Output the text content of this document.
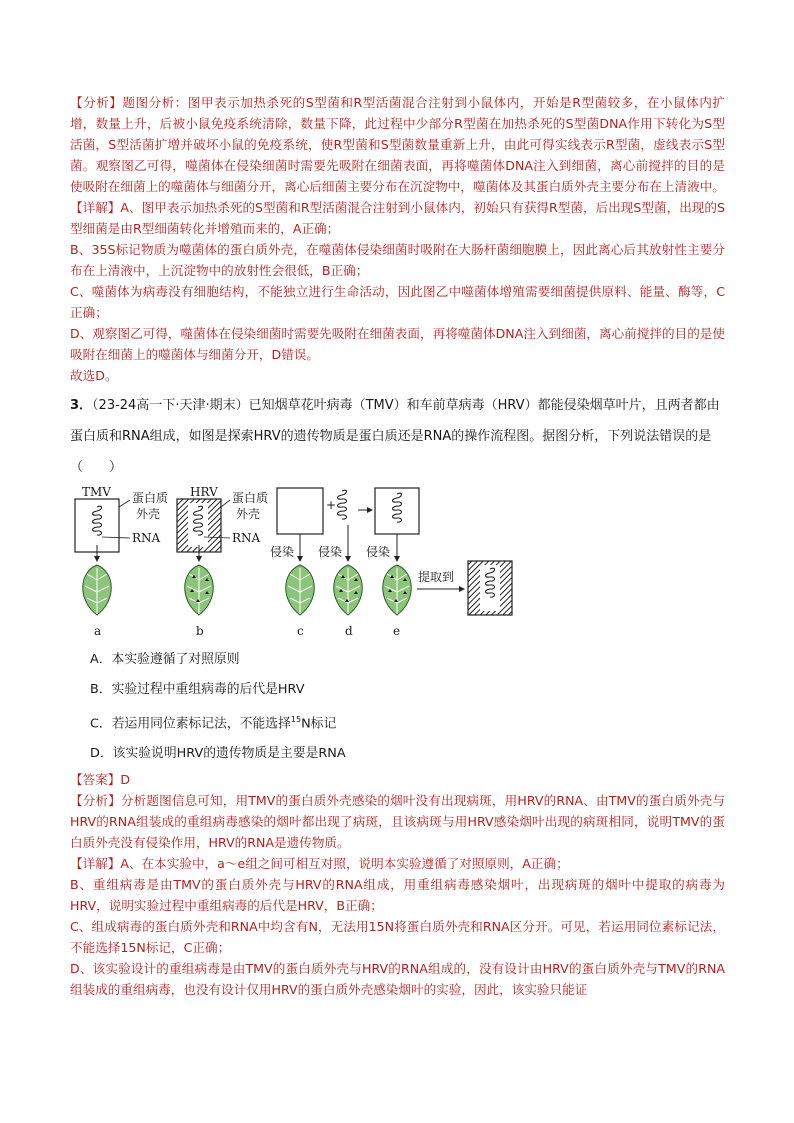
【分析】题图分析：图甲表示加热杀死的S型菌和R型活菌混合注射到小鼠体内，开始是R型菌较多，在小鼠体内扩增，数量上升，后被小鼠免疫系统清除，数量下降，此过程中少部分R型菌在加热杀死的S型菌DNA作用下转化为S型活菌，S型活菌扩增并破坏小鼠的免疫系统，使R型菌和S型菌数量重新上升，由此可得实线表示R型菌，虚线表示S型菌。观察图乙可得，噬菌体在侵染细菌时需要先吸附在细菌表面，再将噬菌体DNA注入到细菌，离心前搅拌的目的是使吸附在细菌上的噬菌体与细菌分开，离心后细菌主要分布在沉淀物中，噬菌体及其蛋白质外壳主要分布在上清液中。

【详解】A、图甲表示加热杀死的S型菌和R型活菌混合注射到小鼠体内，初始只有获得R型菌，后出现S型菌，出现的S型细菌是由R型细菌转化并增殖而来的，A正确；

B、35S标记物质为噬菌体的蛋白质外壳，在噬菌体侵染细菌时吸附在大肠杆菌细胞膜上，因此离心后其放射性主要分布在上清液中，上沉淀物中的放射性会很低，B正确；

C、噬菌体为病毒没有细胞结构，不能独立进行生命活动，因此图乙中噬菌体增殖需要细菌提供原料、能量、酶等，C正确；

D、观察图乙可得，噬菌体在侵染细菌时需要先吸附在细菌表面，再将噬菌体DNA注入到细菌，离心前搅拌的目的是使吸附在细菌上的噬菌体与细菌分开，D错误。

故选D。

3．（23-24高一下·天津·期末）已知烟草花叶病毒（TMV）和车前草病毒（HRV）都能侵染烟草叶片，且两者都由蛋白质和RNA组成，如图是探索HRV的遗传物质是蛋白质还是RNA的操作流程图。据图分析，下列说法错误的是（　　）

TMV 蛋白质
外壳
RNA
a
HRV 蛋白质
外壳
RNA
b
+
侵染 侵染 侵染
c	d	e
提取到

A．本实验遵循了对照原则

B．实验过程中重组病毒的后代是HRV

C．若运用同位素标记法，不能选择$^{15}$N标记

D．该实验说明HRV的遗传物质是主要是RNA

【答案】D

【分析】分析题图信息可知，用TMV的蛋白质外壳感染的烟叶没有出现病斑，用HRV的RNA、由TMV的蛋白质外壳与HRV的RNA组装成的重组病毒感染的烟叶都出现了病斑，且该病斑与用HRV感染烟叶出现的病斑相同，说明TMV的蛋白质外壳没有侵染作用，HRV的RNA是遗传物质。

【详解】A、在本实验中，a～e组之间可相互对照，说明本实验遵循了对照原则，A正确；

B、重组病毒是由TMV的蛋白质外壳与HRV的RNA组成，用重组病毒感染烟叶，出现病斑的烟叶中提取的病毒为HRV，说明实验过程中重组病毒的后代是HRV，B正确；

C、组成病毒的蛋白质外壳和RNA中均含有N，无法用15N将蛋白质外壳和RNA区分开。可见，若运用同位素标记法，不能选择15N标记，C正确；

D、该实验设计的重组病毒是由TMV的蛋白质外壳与HRV的RNA组成的，没有设计由HRV的蛋白质外壳与TMV的RNA组装成的重组病毒，也没有设计仅用HRV的蛋白质外壳感染烟叶的实验，因此，该实验只能证
